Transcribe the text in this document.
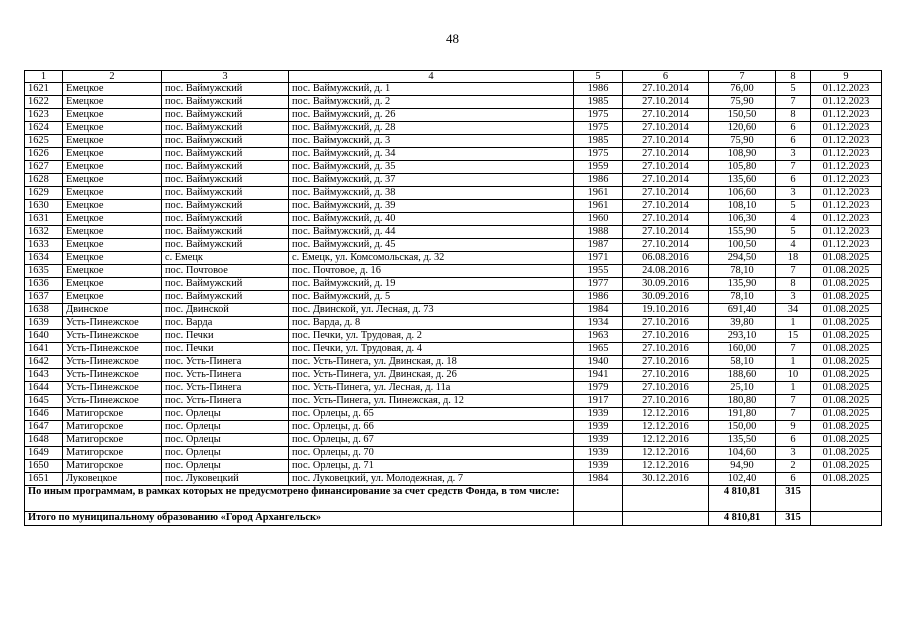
48
1	2	3	4	5	6	7	8	9
1621	Емецкое	пос. Ваймужский	пос. Ваймужский, д. 1	1986	27.10.2014	76,00	5	01.12.2023
1622	Емецкое	пос. Ваймужский	пос. Ваймужский, д. 2	1985	27.10.2014	75,90	7	01.12.2023
1623	Емецкое	пос. Ваймужский	пос. Ваймужский, д. 26	1975	27.10.2014	150,50	8	01.12.2023
1624	Емецкое	пос. Ваймужский	пос. Ваймужский, д. 28	1975	27.10.2014	120,60	6	01.12.2023
1625	Емецкое	пос. Ваймужский	пос. Ваймужский, д. 3	1985	27.10.2014	75,90	6	01.12.2023
1626	Емецкое	пос. Ваймужский	пос. Ваймужский, д. 34	1975	27.10.2014	108,90	3	01.12.2023
1627	Емецкое	пос. Ваймужский	пос. Ваймужский, д. 35	1959	27.10.2014	105,80	7	01.12.2023
1628	Емецкое	пос. Ваймужский	пос. Ваймужский, д. 37	1986	27.10.2014	135,60	6	01.12.2023
1629	Емецкое	пос. Ваймужский	пос. Ваймужский, д. 38	1961	27.10.2014	106,60	3	01.12.2023
1630	Емецкое	пос. Ваймужский	пос. Ваймужский, д. 39	1961	27.10.2014	108,10	5	01.12.2023
1631	Емецкое	пос. Ваймужский	пос. Ваймужский, д. 40	1960	27.10.2014	106,30	4	01.12.2023
1632	Емецкое	пос. Ваймужский	пос. Ваймужский, д. 44	1988	27.10.2014	155,90	5	01.12.2023
1633	Емецкое	пос. Ваймужский	пос. Ваймужский, д. 45	1987	27.10.2014	100,50	4	01.12.2023
1634	Емецкое	с. Емецк	с. Емецк, ул. Комсомольская, д. 32	1971	06.08.2016	294,50	18	01.08.2025
1635	Емецкое	пос. Почтовое	пос. Почтовое, д. 16	1955	24.08.2016	78,10	7	01.08.2025
1636	Емецкое	пос. Ваймужский	пос. Ваймужский, д. 19	1977	30.09.2016	135,90	8	01.08.2025
1637	Емецкое	пос. Ваймужский	пос. Ваймужский, д. 5	1986	30.09.2016	78,10	3	01.08.2025
1638	Двинское	пос. Двинской	пос. Двинской, ул. Лесная, д. 73	1984	19.10.2016	691,40	34	01.08.2025
1639	Усть-Пинежское	пос. Варда	пос. Варда, д. 8	1934	27.10.2016	39,80	1	01.08.2025
1640	Усть-Пинежское	пос. Печки	пос. Печки, ул. Трудовая, д. 2	1963	27.10.2016	293,10	15	01.08.2025
1641	Усть-Пинежское	пос. Печки	пос. Печки, ул. Трудовая, д. 4	1965	27.10.2016	160,00	7	01.08.2025
1642	Усть-Пинежское	пос. Усть-Пинега	пос. Усть-Пинега, ул. Двинская, д. 18	1940	27.10.2016	58,10	1	01.08.2025
1643	Усть-Пинежское	пос. Усть-Пинега	пос. Усть-Пинега, ул. Двинская, д. 26	1941	27.10.2016	188,60	10	01.08.2025
1644	Усть-Пинежское	пос. Усть-Пинега	пос. Усть-Пинега, ул. Лесная, д. 11а	1979	27.10.2016	25,10	1	01.08.2025
1645	Усть-Пинежское	пос. Усть-Пинега	пос. Усть-Пинега, ул. Пинежская, д. 12	1917	27.10.2016	180,80	7	01.08.2025
1646	Матигорское	пос. Орлецы	пос. Орлецы, д. 65	1939	12.12.2016	191,80	7	01.08.2025
1647	Матигорское	пос. Орлецы	пос. Орлецы, д. 66	1939	12.12.2016	150,00	9	01.08.2025
1648	Матигорское	пос. Орлецы	пос. Орлецы, д. 67	1939	12.12.2016	135,50	6	01.08.2025
1649	Матигорское	пос. Орлецы	пос. Орлецы, д. 70	1939	12.12.2016	104,60	3	01.08.2025
1650	Матигорское	пос. Орлецы	пос. Орлецы, д. 71	1939	12.12.2016	94,90	2	01.08.2025
1651	Луковецкое	пос. Луковецкий	пос. Луковецкий, ул. Молодежная, д. 7	1984	30.12.2016	102,40	6	01.08.2025
По иным программам, в рамках которых не предусмотрено финансирование за счет средств Фонда, в том числе:						4 810,81	315	
Итого по муниципальному образованию «Город Архангельск»						4 810,81	315	
